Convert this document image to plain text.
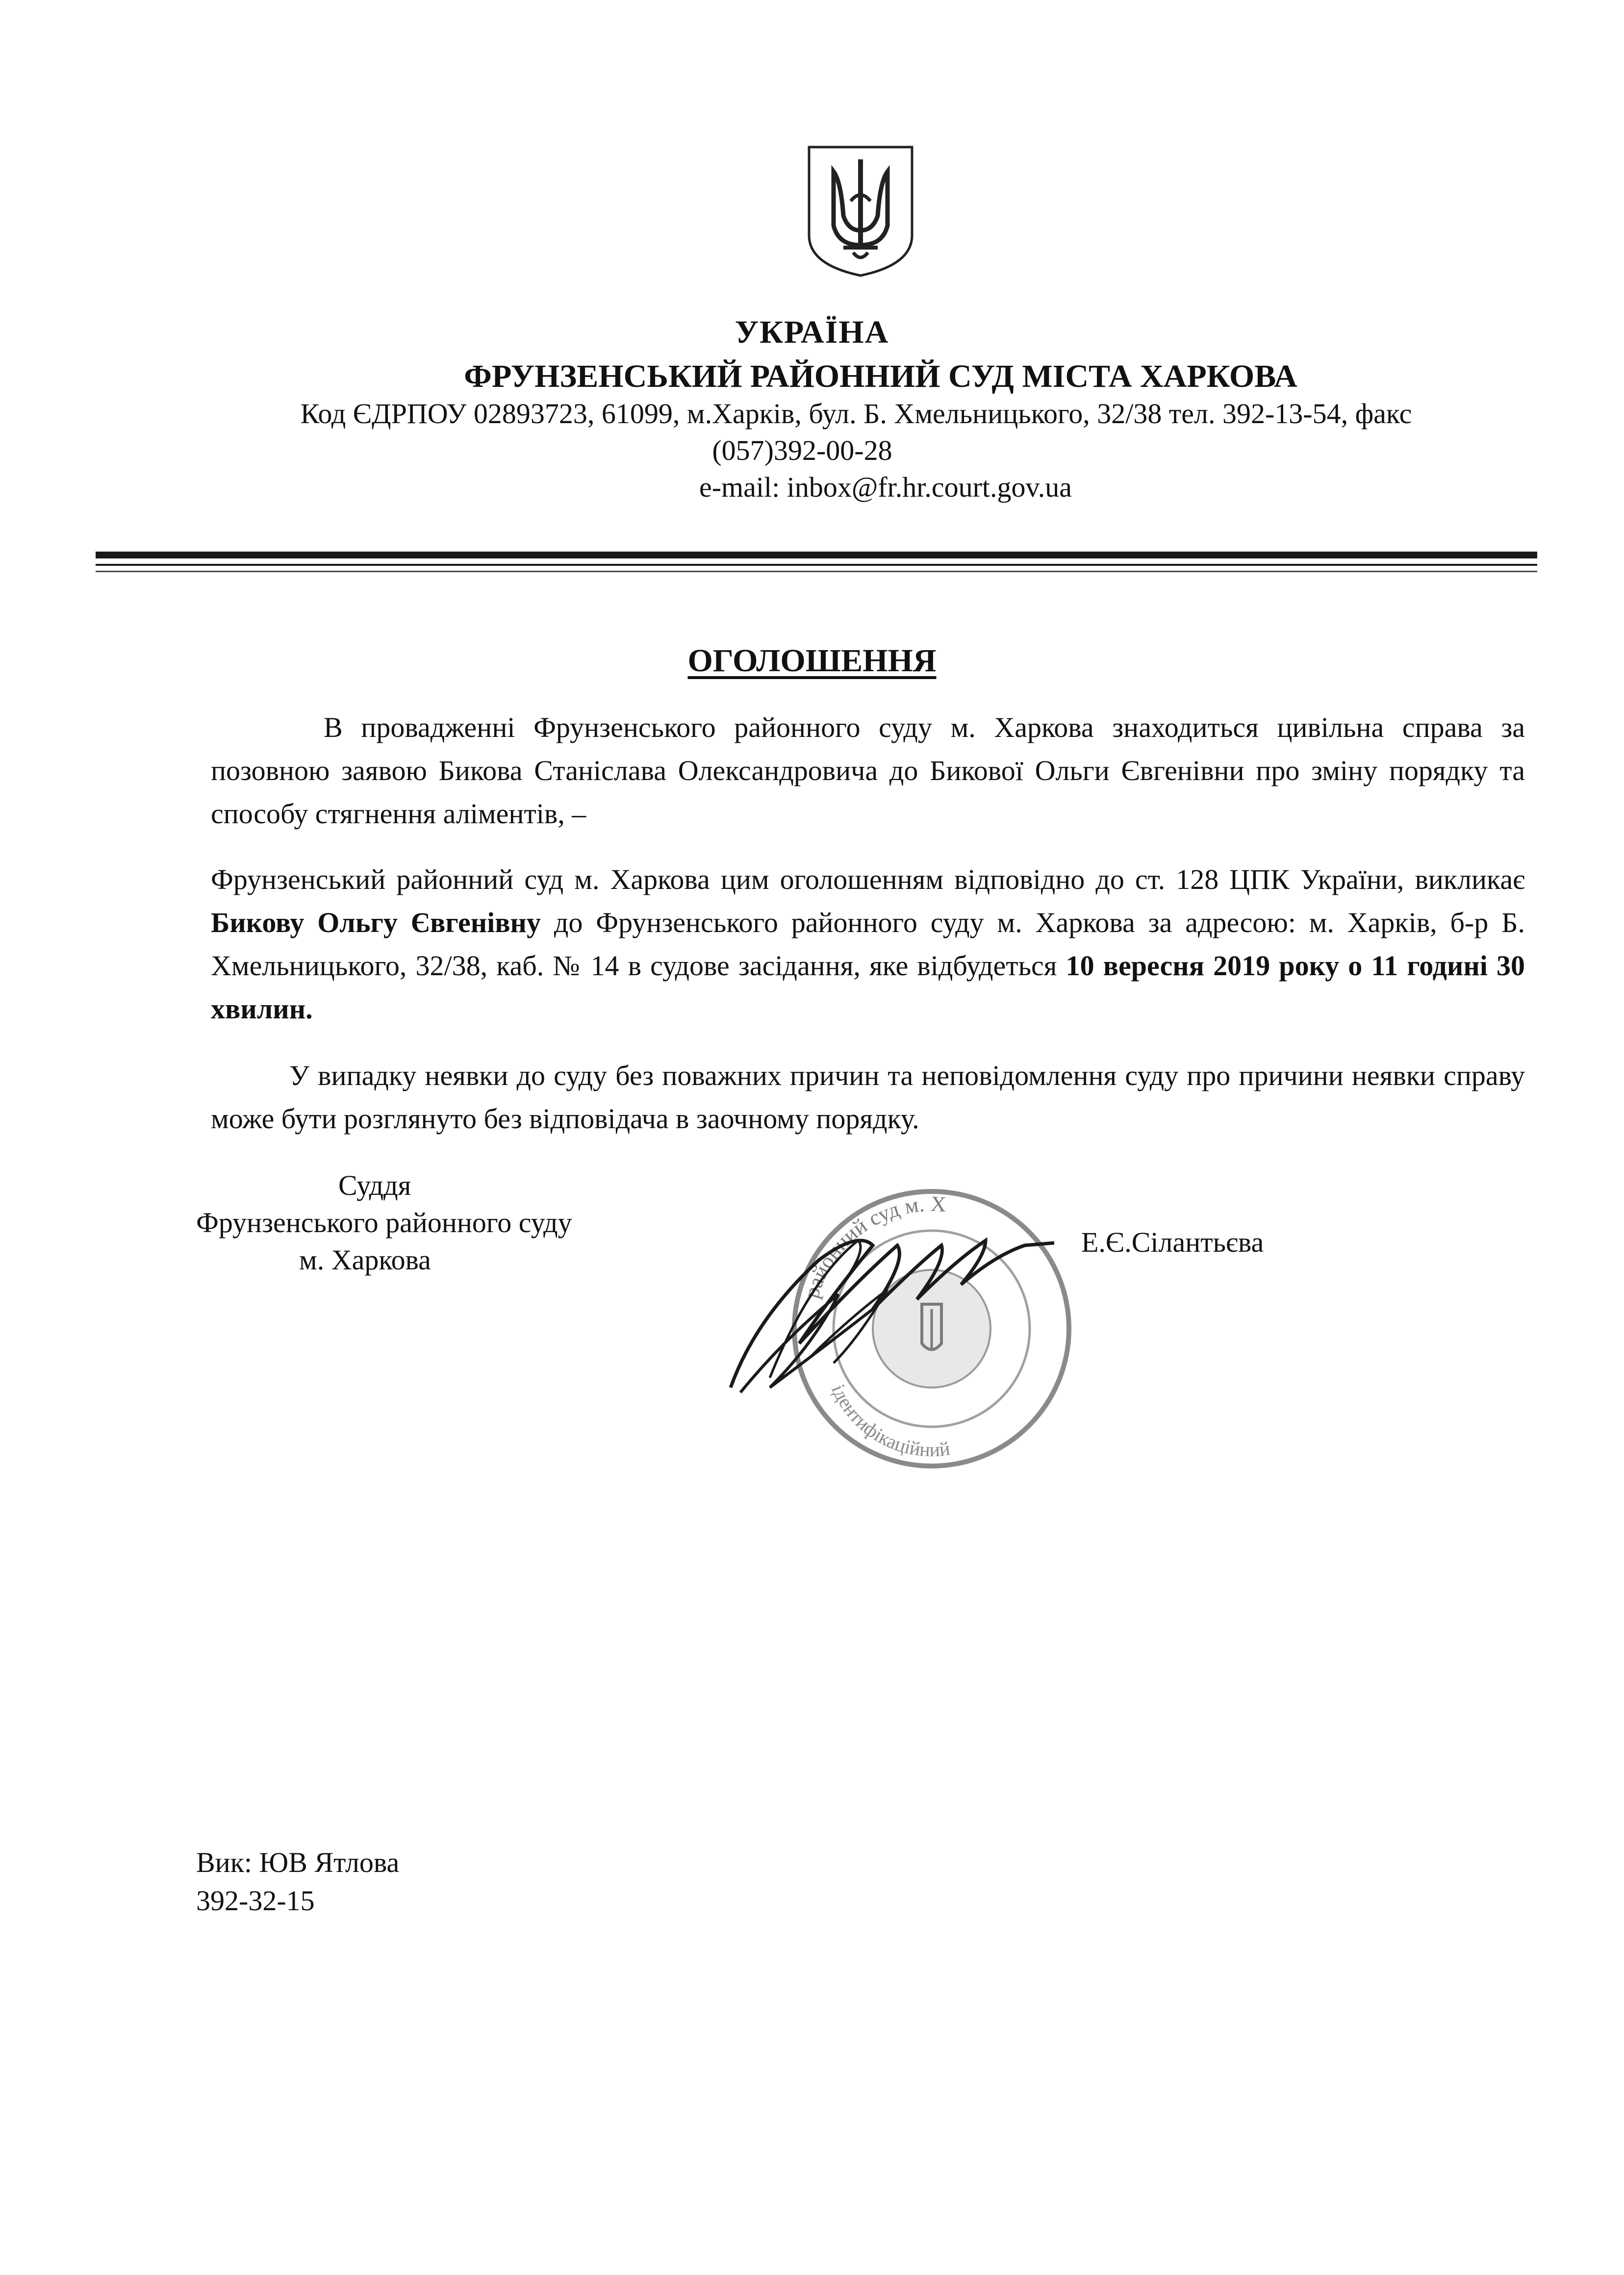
УКРАЇНА
ФРУНЗЕНСЬКИЙ РАЙОННИЙ СУД МІСТА ХАРКОВА
Код ЄДРПОУ 02893723, 61099, м.Харків, бул. Б. Хмельницького, 32/38 тел. 392-13-54, факс
(057)392-00-28
e-mail: inbox@fr.hr.court.gov.ua
ОГОЛОШЕННЯ
В провадженні Фрунзенського районного суду м. Харкова знаходиться цивільна справа за позовною заявою Бикова Станіслава Олександровича до Бикової Ольги Євгенівни про зміну порядку та способу стягнення аліментів, –
Фрунзенський районний суд м. Харкова цим оголошенням відповідно до ст. 128 ЦПК України, викликає Бикову Ольгу Євгенівну до Фрунзенського районного суду м. Харкова за адресою: м. Харків, б-р Б. Хмельницького, 32/38, каб. № 14 в судове засідання, яке відбудеться 10 вересня 2019 року о 11 годині 30 хвилин.
У випадку неявки до суду без поважних причин та неповідомлення суду про причини неявки справу може бути розглянуто без відповідача в заочному порядку.
Суддя
Фрунзенського районного суду
м. Харкова
районний суд м. Х
ідентифікаційний
Е.Є.Сілантьєва
Вик: ЮВ Ятлова
392-32-15
